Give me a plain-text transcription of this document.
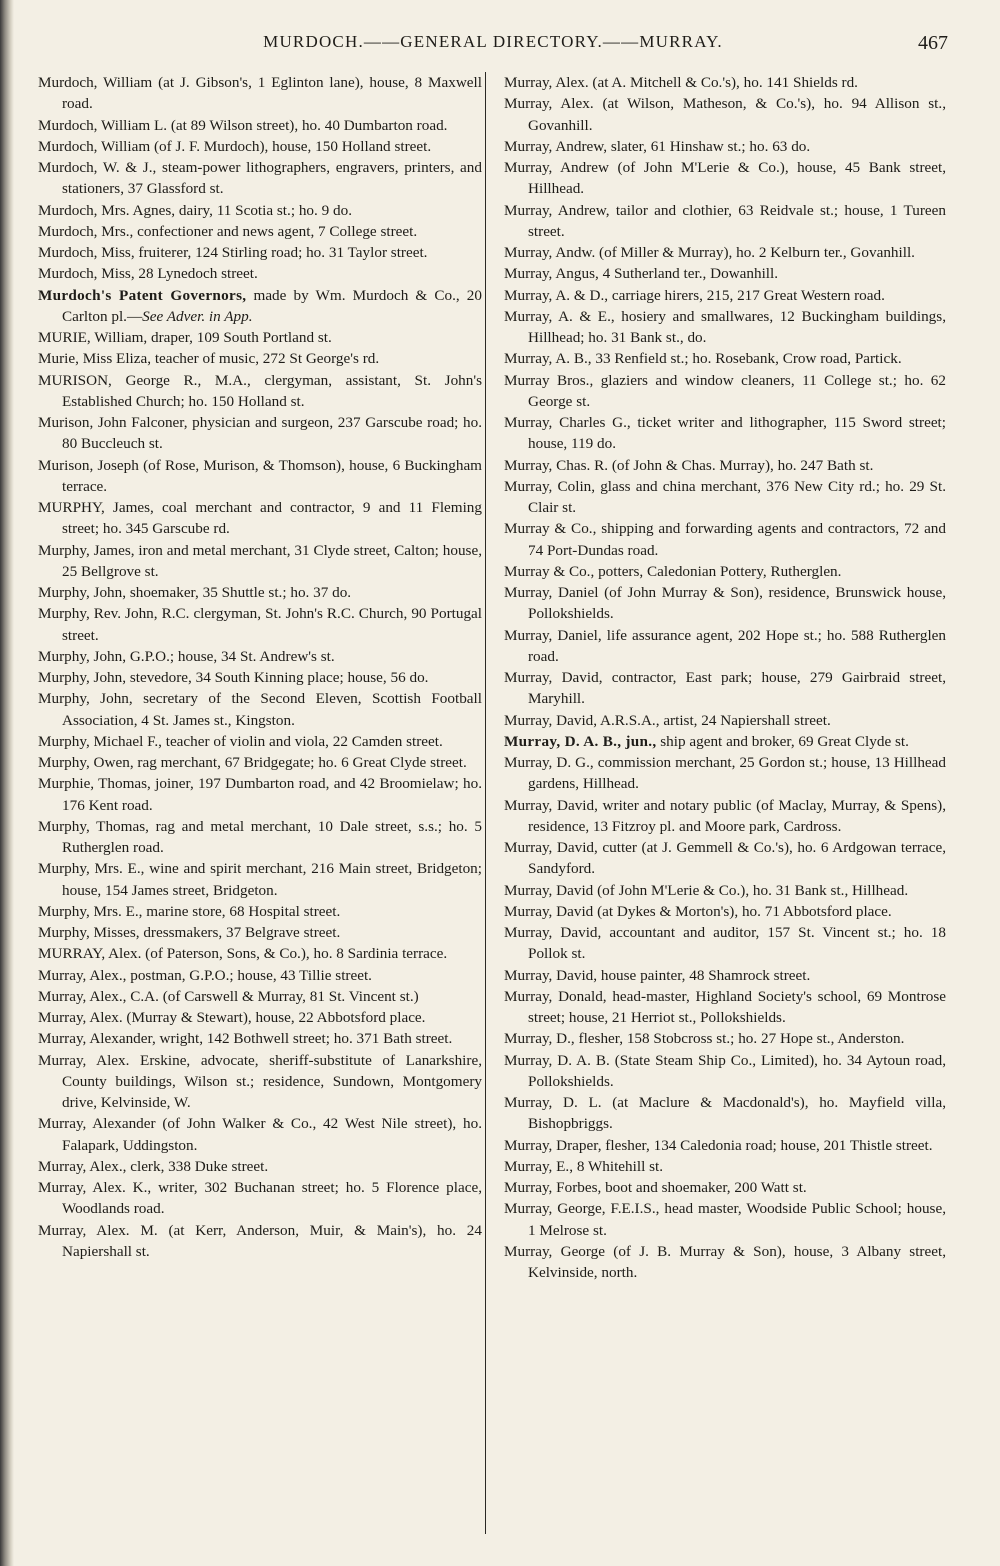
MURDOCH.——GENERAL DIRECTORY.——MURRAY.	467

Murdoch, William (at J. Gibson's, 1 Eglinton lane), house, 8 Maxwell road.

Murdoch, William L. (at 89 Wilson street), ho. 40 Dumbarton road.

Murdoch, William (of J. F. Murdoch), house, 150 Holland street.

Murdoch, W. & J., steam-power lithographers, engravers, printers, and stationers, 37 Glassford st.

Murdoch, Mrs. Agnes, dairy, 11 Scotia st.; ho. 9 do.

Murdoch, Mrs., confectioner and news agent, 7 College street.

Murdoch, Miss, fruiterer, 124 Stirling road; ho. 31 Taylor street.

Murdoch, Miss, 28 Lynedoch street.

Murdoch's Patent Governors, made by Wm. Murdoch & Co., 20 Carlton pl.—See Adver. in App.

MURIE, William, draper, 109 South Portland st.

Murie, Miss Eliza, teacher of music, 272 St George's rd.

MURISON, George R., M.A., clergyman, assistant, St. John's Established Church; ho. 150 Holland st.

Murison, John Falconer, physician and surgeon, 237 Garscube road; ho. 80 Buccleuch st.

Murison, Joseph (of Rose, Murison, & Thomson), house, 6 Buckingham terrace.

MURPHY, James, coal merchant and contractor, 9 and 11 Fleming street; ho. 345 Garscube rd.

Murphy, James, iron and metal merchant, 31 Clyde street, Calton; house, 25 Bellgrove st.

Murphy, John, shoemaker, 35 Shuttle st.; ho. 37 do.

Murphy, Rev. John, R.C. clergyman, St. John's R.C. Church, 90 Portugal street.

Murphy, John, G.P.O.; house, 34 St. Andrew's st.

Murphy, John, stevedore, 34 South Kinning place; house, 56 do.

Murphy, John, secretary of the Second Eleven, Scottish Football Association, 4 St. James st., Kingston.

Murphy, Michael F., teacher of violin and viola, 22 Camden street.

Murphy, Owen, rag merchant, 67 Bridgegate; ho. 6 Great Clyde street.

Murphie, Thomas, joiner, 197 Dumbarton road, and 42 Broomielaw; ho. 176 Kent road.

Murphy, Thomas, rag and metal merchant, 10 Dale street, s.s.; ho. 5 Rutherglen road.

Murphy, Mrs. E., wine and spirit merchant, 216 Main street, Bridgeton; house, 154 James street, Bridgeton.

Murphy, Mrs. E., marine store, 68 Hospital street.

Murphy, Misses, dressmakers, 37 Belgrave street.

MURRAY, Alex. (of Paterson, Sons, & Co.), ho. 8 Sardinia terrace.

Murray, Alex., postman, G.P.O.; house, 43 Tillie street.

Murray, Alex., C.A. (of Carswell & Murray, 81 St. Vincent st.)

Murray, Alex. (Murray & Stewart), house, 22 Abbotsford place.

Murray, Alexander, wright, 142 Bothwell street; ho. 371 Bath street.

Murray, Alex. Erskine, advocate, sheriff-substitute of Lanarkshire, County buildings, Wilson st.; residence, Sundown, Montgomery drive, Kelvinside, W.

Murray, Alexander (of John Walker & Co., 42 West Nile street), ho. Falapark, Uddingston.

Murray, Alex., clerk, 338 Duke street.

Murray, Alex. K., writer, 302 Buchanan street; ho. 5 Florence place, Woodlands road.

Murray, Alex. M. (at Kerr, Anderson, Muir, & Main's), ho. 24 Napiershall st.

Murray, Alex. (at A. Mitchell & Co.'s), ho. 141 Shields rd.

Murray, Alex. (at Wilson, Matheson, & Co.'s), ho. 94 Allison st., Govanhill.

Murray, Andrew, slater, 61 Hinshaw st.; ho. 63 do.

Murray, Andrew (of John M'Lerie & Co.), house, 45 Bank street, Hillhead.

Murray, Andrew, tailor and clothier, 63 Reidvale st.; house, 1 Tureen street.

Murray, Andw. (of Miller & Murray), ho. 2 Kelburn ter., Govanhill.

Murray, Angus, 4 Sutherland ter., Dowanhill.

Murray, A. & D., carriage hirers, 215, 217 Great Western road.

Murray, A. & E., hosiery and smallwares, 12 Buckingham buildings, Hillhead; ho. 31 Bank st., do.

Murray, A. B., 33 Renfield st.; ho. Rosebank, Crow road, Partick.

Murray Bros., glaziers and window cleaners, 11 College st.; ho. 62 George st.

Murray, Charles G., ticket writer and lithographer, 115 Sword street; house, 119 do.

Murray, Chas. R. (of John & Chas. Murray), ho. 247 Bath st.

Murray, Colin, glass and china merchant, 376 New City rd.; ho. 29 St. Clair st.

Murray & Co., shipping and forwarding agents and contractors, 72 and 74 Port-Dundas road.

Murray & Co., potters, Caledonian Pottery, Rutherglen.

Murray, Daniel (of John Murray & Son), residence, Brunswick house, Pollokshields.

Murray, Daniel, life assurance agent, 202 Hope st.; ho. 588 Rutherglen road.

Murray, David, contractor, East park; house, 279 Gairbraid street, Maryhill.

Murray, David, A.R.S.A., artist, 24 Napiershall street.

Murray, D. A. B., jun., ship agent and broker, 69 Great Clyde st.

Murray, D. G., commission merchant, 25 Gordon st.; house, 13 Hillhead gardens, Hillhead.

Murray, David, writer and notary public (of Maclay, Murray, & Spens), residence, 13 Fitzroy pl. and Moore park, Cardross.

Murray, David, cutter (at J. Gemmell & Co.'s), ho. 6 Ardgowan terrace, Sandyford.

Murray, David (of John M'Lerie & Co.), ho. 31 Bank st., Hillhead.

Murray, David (at Dykes & Morton's), ho. 71 Abbotsford place.

Murray, David, accountant and auditor, 157 St. Vincent st.; ho. 18 Pollok st.

Murray, David, house painter, 48 Shamrock street.

Murray, Donald, head-master, Highland Society's school, 69 Montrose street; house, 21 Herriot st., Pollokshields.

Murray, D., flesher, 158 Stobcross st.; ho. 27 Hope st., Anderston.

Murray, D. A. B. (State Steam Ship Co., Limited), ho. 34 Aytoun road, Pollokshields.

Murray, D. L. (at Maclure & Macdonald's), ho. Mayfield villa, Bishopbriggs.

Murray, Draper, flesher, 134 Caledonia road; house, 201 Thistle street.

Murray, E., 8 Whitehill st.

Murray, Forbes, boot and shoemaker, 200 Watt st.

Murray, George, F.E.I.S., head master, Woodside Public School; house, 1 Melrose st.

Murray, George (of J. B. Murray & Son), house, 3 Albany street, Kelvinside, north.
